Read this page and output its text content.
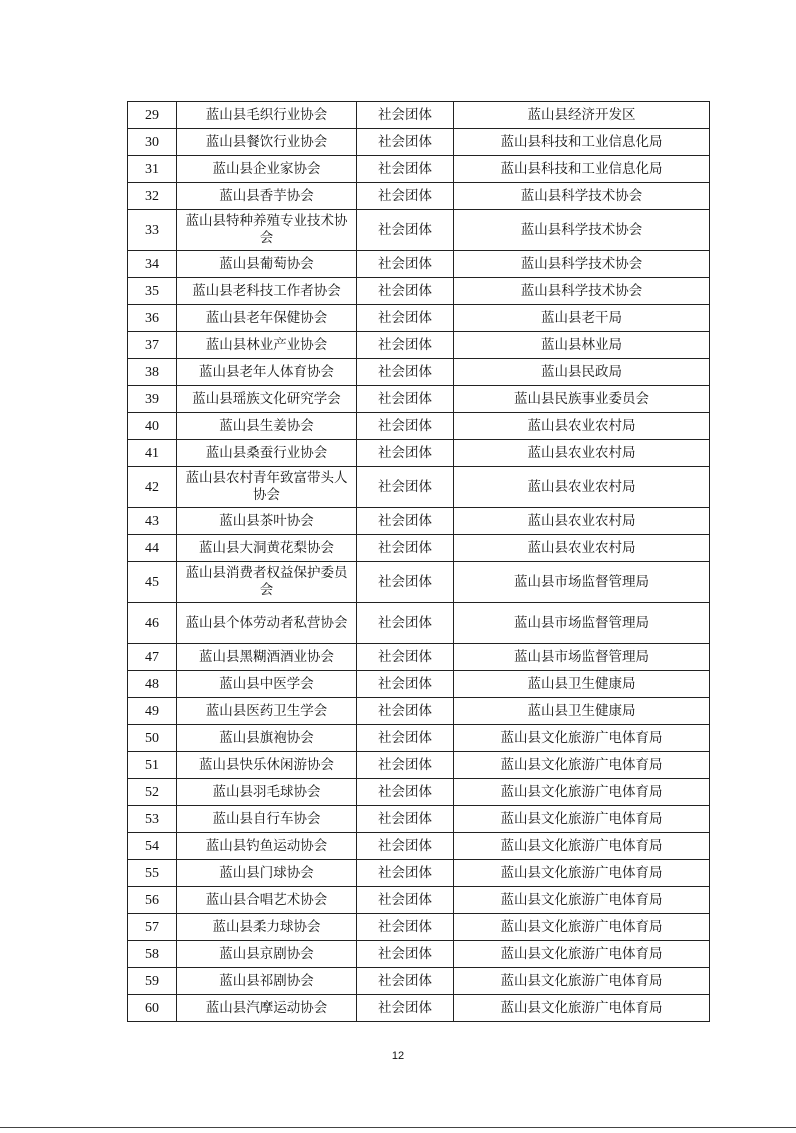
29	蓝山县毛织行业协会	社会团体	蓝山县经济开发区
30	蓝山县餐饮行业协会	社会团体	蓝山县科技和工业信息化局
31	蓝山县企业家协会	社会团体	蓝山县科技和工业信息化局
32	蓝山县香芋协会	社会团体	蓝山县科学技术协会
33	蓝山县特种养殖专业技术协会	社会团体	蓝山县科学技术协会
34	蓝山县葡萄协会	社会团体	蓝山县科学技术协会
35	蓝山县老科技工作者协会	社会团体	蓝山县科学技术协会
36	蓝山县老年保健协会	社会团体	蓝山县老干局
37	蓝山县林业产业协会	社会团体	蓝山县林业局
38	蓝山县老年人体育协会	社会团体	蓝山县民政局
39	蓝山县瑶族文化研究学会	社会团体	蓝山县民族事业委员会
40	蓝山县生姜协会	社会团体	蓝山县农业农村局
41	蓝山县桑蚕行业协会	社会团体	蓝山县农业农村局
42	蓝山县农村青年致富带头人协会	社会团体	蓝山县农业农村局
43	蓝山县茶叶协会	社会团体	蓝山县农业农村局
44	蓝山县大洞黄花梨协会	社会团体	蓝山县农业农村局
45	蓝山县消费者权益保护委员会	社会团体	蓝山县市场监督管理局
46	蓝山县个体劳动者私营协会	社会团体	蓝山县市场监督管理局
47	蓝山县黑糊酒酒业协会	社会团体	蓝山县市场监督管理局
48	蓝山县中医学会	社会团体	蓝山县卫生健康局
49	蓝山县医药卫生学会	社会团体	蓝山县卫生健康局
50	蓝山县旗袍协会	社会团体	蓝山县文化旅游广电体育局
51	蓝山县快乐休闲游协会	社会团体	蓝山县文化旅游广电体育局
52	蓝山县羽毛球协会	社会团体	蓝山县文化旅游广电体育局
53	蓝山县自行车协会	社会团体	蓝山县文化旅游广电体育局
54	蓝山县钓鱼运动协会	社会团体	蓝山县文化旅游广电体育局
55	蓝山县门球协会	社会团体	蓝山县文化旅游广电体育局
56	蓝山县合唱艺术协会	社会团体	蓝山县文化旅游广电体育局
57	蓝山县柔力球协会	社会团体	蓝山县文化旅游广电体育局
58	蓝山县京剧协会	社会团体	蓝山县文化旅游广电体育局
59	蓝山县祁剧协会	社会团体	蓝山县文化旅游广电体育局
60	蓝山县汽摩运动协会	社会团体	蓝山县文化旅游广电体育局
12
